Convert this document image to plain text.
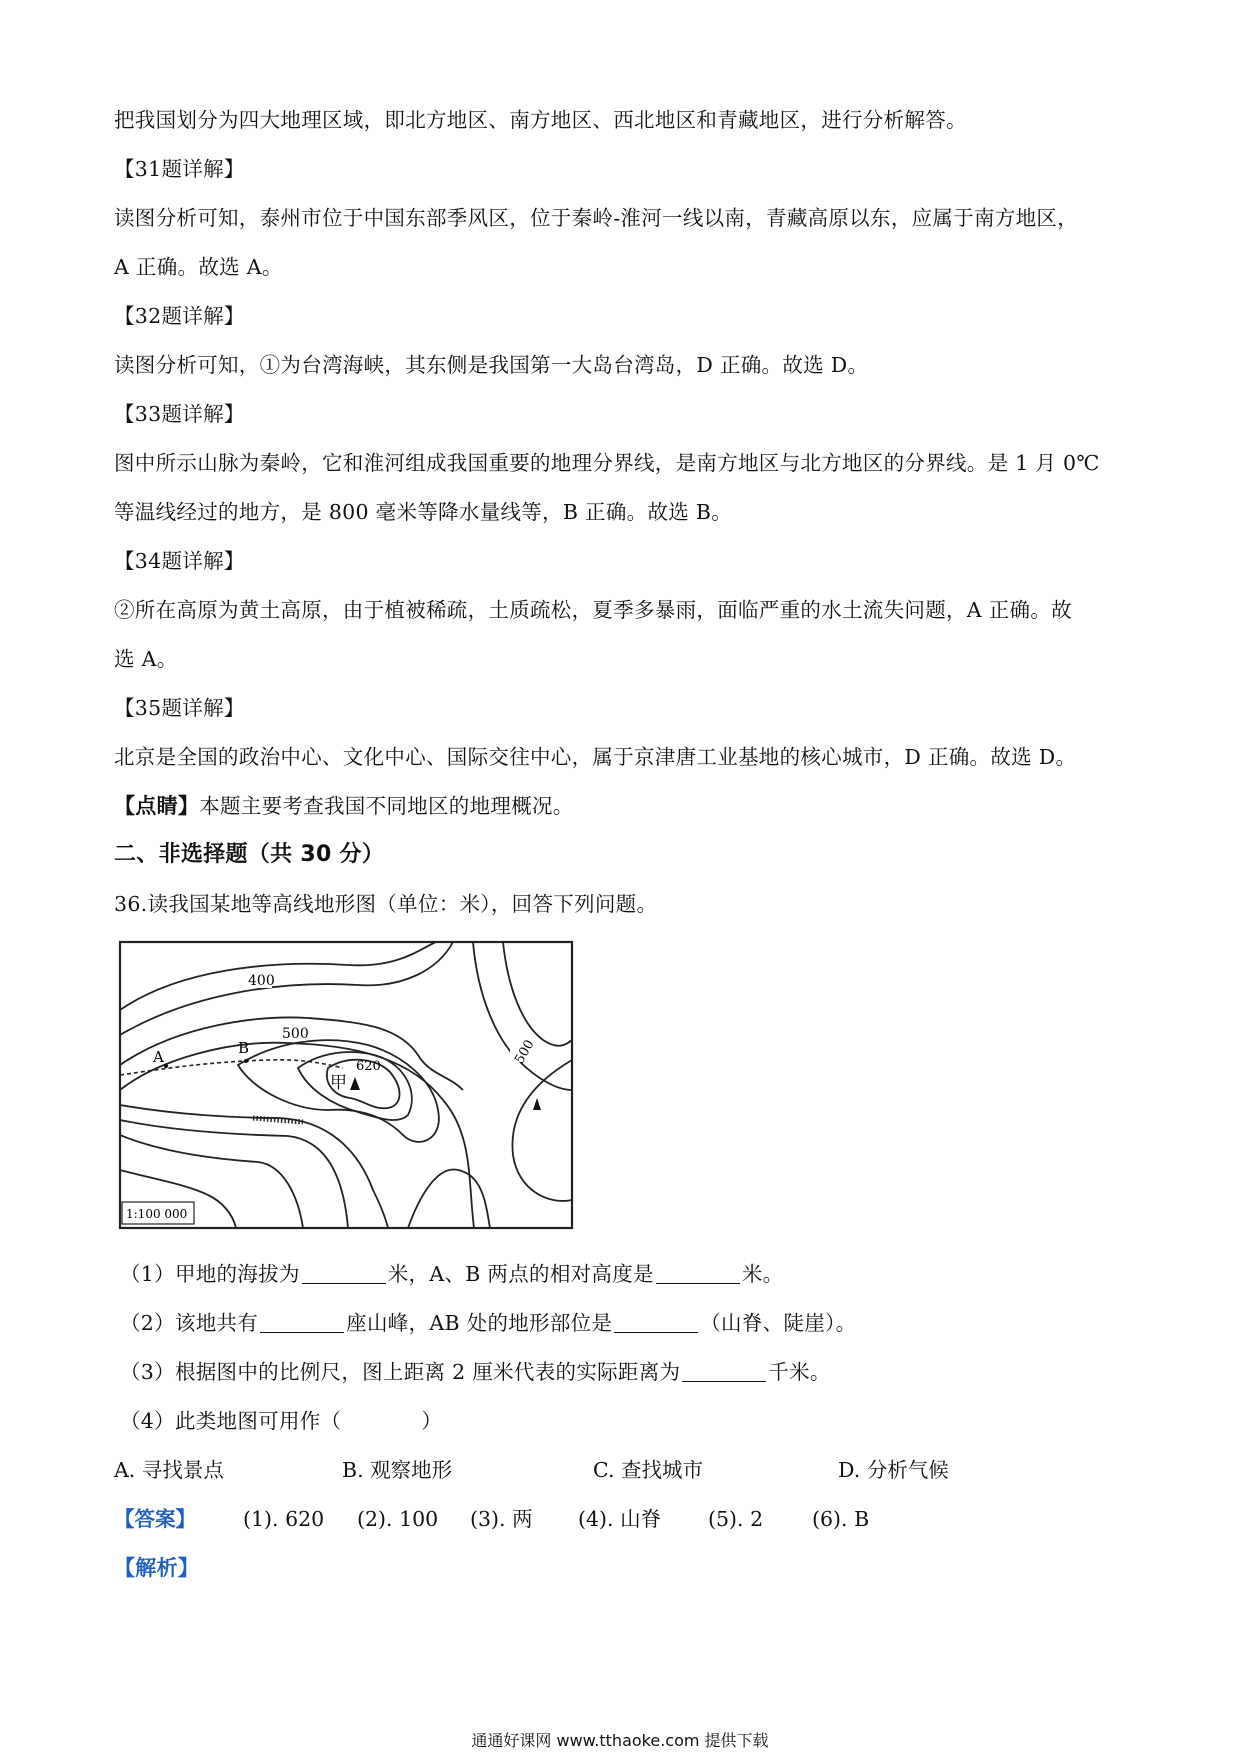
把我国划分为四大地理区域，即北方地区、南方地区、西北地区和青藏地区，进行分析解答。
【31题详解】
读图分析可知，泰州市位于中国东部季风区，位于秦岭-淮河一线以南，青藏高原以东，应属于南方地区，
A 正确。故选 A。
【32题详解】
读图分析可知，①为台湾海峡，其东侧是我国第一大岛台湾岛，D 正确。故选 D。
【33题详解】
图中所示山脉为秦岭，它和淮河组成我国重要的地理分界线，是南方地区与北方地区的分界线。是 1 月 0℃
等温线经过的地方，是 800 毫米等降水量线等，B 正确。故选 B。
【34题详解】
②所在高原为黄土高原，由于植被稀疏，土质疏松，夏季多暴雨，面临严重的水土流失问题，A 正确。故
选 A。
【35题详解】
北京是全国的政治中心、文化中心、国际交往中心，属于京津唐工业基地的核心城市，D 正确。故选 D。
【点睛】本题主要考查我国不同地区的地理概况。
二、非选择题（共 30 分）
36.读我国某地等高线地形图（单位：米），回答下列问题。
400
500
500
620
甲
A	B
1:100 000
（1）甲地的海拔为	米，A、B 两点的相对高度是	米。
（2）该地共有	座山峰，AB 处的地形部位是	（山脊、陡崖）。
（3）根据图中的比例尺，图上距离 2 厘米代表的实际距离为	千米。
（4）此类地图可用作（	）
A. 寻找景点	B. 观察地形	C. 查找城市	D. 分析气候
【答案】 (1). 620 (2). 100 (3). 两 (4). 山脊 (5). 2 (6). B
【解析】
通通好课网 www.tthaoke.com 提供下载
